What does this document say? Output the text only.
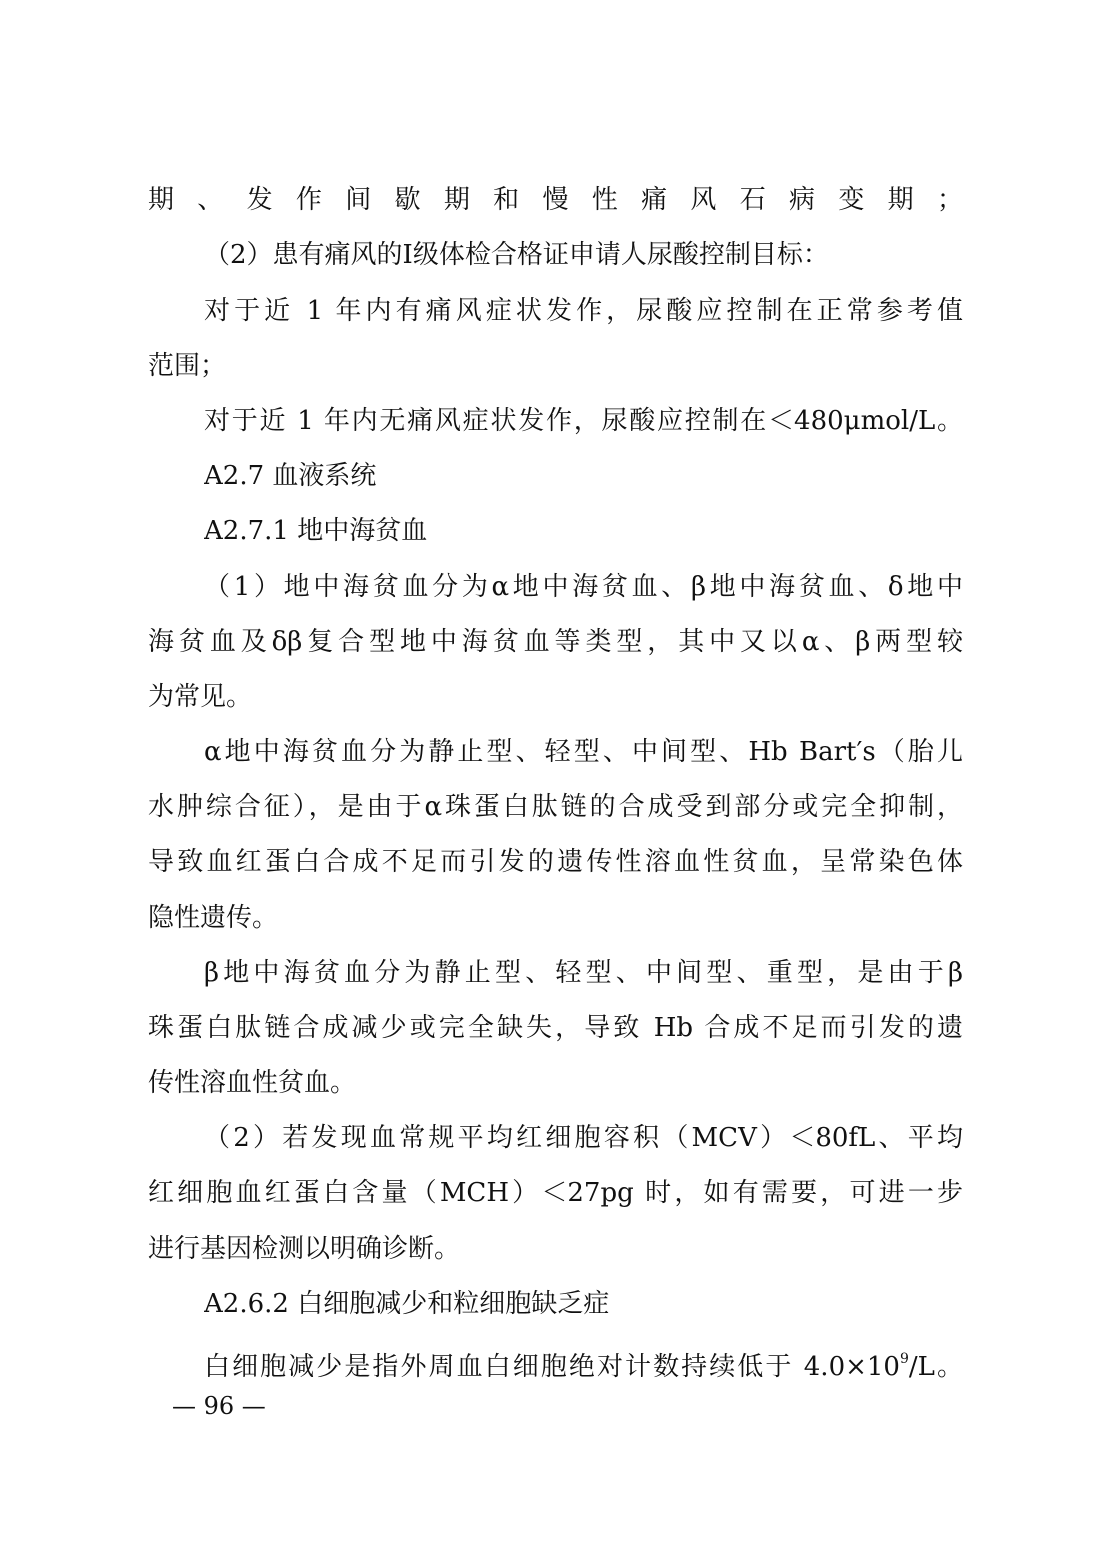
期、发作间歇期和慢性痛风石病变期；
（2）患有痛风的Ⅰ级体检合格证申请人尿酸控制目标：
对于近 1 年内有痛风症状发作，尿酸应控制在正常参考值
范围；
对于近 1 年内无痛风症状发作，尿酸应控制在＜480μmol/L。
A2.7 血液系统
A2.7.1 地中海贫血
（1）地中海贫血分为α地中海贫血、β地中海贫血、δ地中
海贫血及δβ复合型地中海贫血等类型，其中又以α、β两型较
为常见。
α地中海贫血分为静止型、轻型、中间型、Hb Bart′s（胎儿
水肿综合征），是由于α珠蛋白肽链的合成受到部分或完全抑制，
导致血红蛋白合成不足而引发的遗传性溶血性贫血，呈常染色体
隐性遗传。
β地中海贫血分为静止型、轻型、中间型、重型，是由于β
珠蛋白肽链合成减少或完全缺失，导致 Hb 合成不足而引发的遗
传性溶血性贫血。
（2）若发现血常规平均红细胞容积（MCV）＜80fL、平均
红细胞血红蛋白含量（MCH）＜27pg 时，如有需要，可进一步
进行基因检测以明确诊断。
A2.6.2 白细胞减少和粒细胞缺乏症
白细胞减少是指外周血白细胞绝对计数持续低于 $4.0\times 10^9/L$。
— 96 —
